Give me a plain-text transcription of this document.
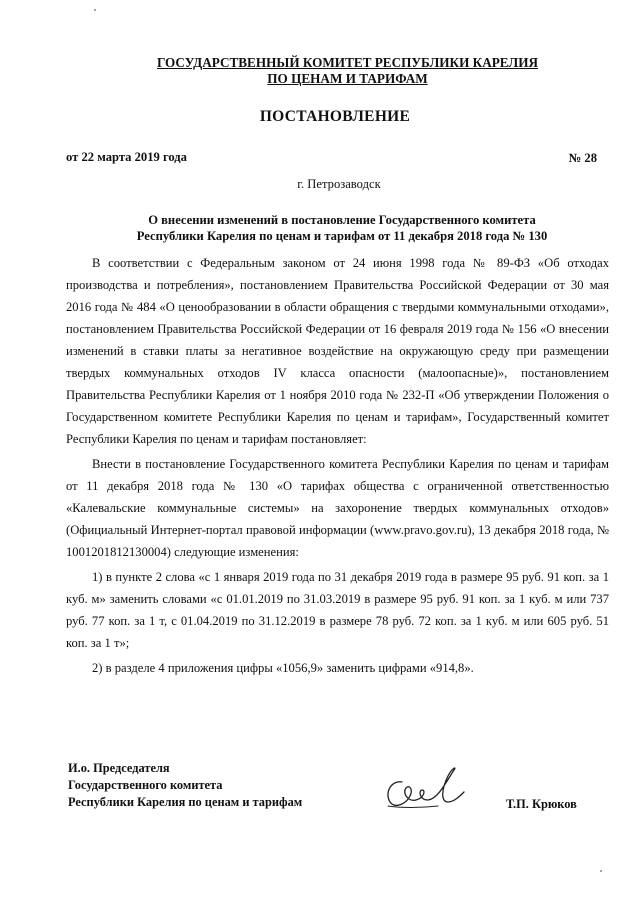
ГОСУДАРСТВЕННЫЙ КОМИТЕТ РЕСПУБЛИКИ КАРЕЛИЯ
ПО ЦЕНАМ И ТАРИФАМ
ПОСТАНОВЛЕНИЕ
от 22 марта 2019 года	№ 28
г. Петрозаводск
О внесении изменений в постановление Государственного комитета
Республики Карелия по ценам и тарифам от 11 декабря 2018 года № 130

В соответствии с Федеральным законом от 24 июня 1998 года № 89-ФЗ «Об отходах производства и потребления», постановлением Правительства Российской Федерации от 30 мая 2016 года № 484 «О ценообразовании в области обращения с твердыми коммунальными отходами», постановлением Правительства Российской Федерации от 16 февраля 2019 года № 156 «О внесении изменений в ставки платы за негативное воздействие на окружающую среду при размещении твердых коммунальных отходов IV класса опасности (малоопасные)», постановлением Правительства Республики Карелия от 1 ноября 2010 года № 232-П «Об утверждении Положения о Государственном комитете Республики Карелия по ценам и тарифам», Государственный комитет Республики Карелия по ценам и тарифам постановляет:

Внести в постановление Государственного комитета Республики Карелия по ценам и тарифам от 11 декабря 2018 года № 130 «О тарифах общества с ограниченной ответственностью «Калевальские коммунальные системы» на захоронение твердых коммунальных отходов» (Официальный Интернет-портал правовой информации (www.pravo.gov.ru), 13 декабря 2018 года, № 1001201812130004) следующие изменения:

1) в пункте 2 слова «с 1 января 2019 года по 31 декабря 2019 года в размере 95 руб. 91 коп. за 1 куб. м» заменить словами «с 01.01.2019 по 31.03.2019 в размере 95 руб. 91 коп. за 1 куб. м или 737 руб. 77 коп. за 1 т, с 01.04.2019 по 31.12.2019 в размере 78 руб. 72 коп. за 1 куб. м или 605 руб. 51 коп. за 1 т»;

2) в разделе 4 приложения цифры «1056,9» заменить цифрами «914,8».

И.о. Председателя
Государственного комитета
Республики Карелия по ценам и тарифам	Т.П. Крюков
